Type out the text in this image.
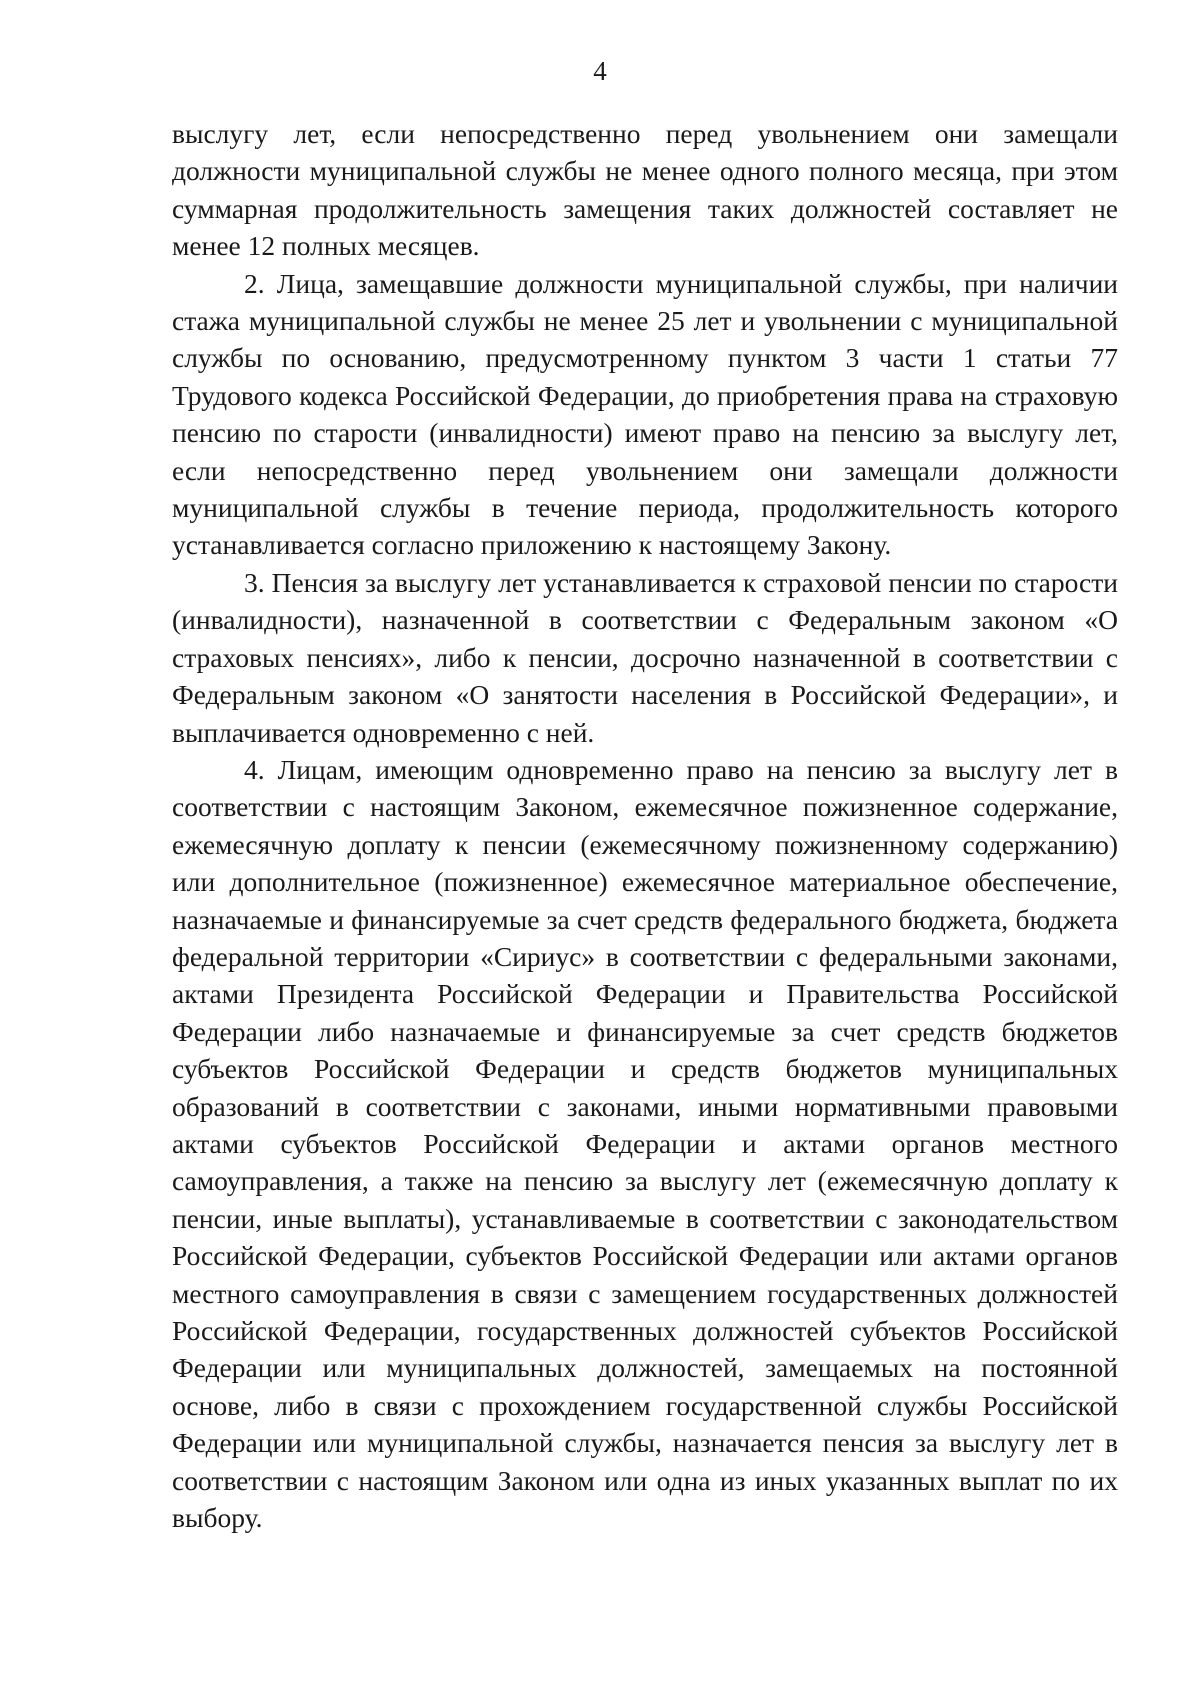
4

выслугу лет, если непосредственно перед увольнением они замещали должности муниципальной службы не менее одного полного месяца, при этом суммарная продолжительность замещения таких должностей составляет не менее 12 полных месяцев.

2. Лица, замещавшие должности муниципальной службы, при наличии стажа муниципальной службы не менее 25 лет и увольнении с муниципальной службы по основанию, предусмотренному пунктом 3 части 1 статьи 77 Трудового кодекса Российской Федерации, до приобретения права на страховую пенсию по старости (инвалидности) имеют право на пенсию за выслугу лет, если непосредственно перед увольнением они замещали должности муниципальной службы в течение периода, продолжительность которого устанавливается согласно приложению к настоящему Закону.

3. Пенсия за выслугу лет устанавливается к страховой пенсии по старости (инвалидности), назначенной в соответствии с Федеральным законом «О страховых пенсиях», либо к пенсии, досрочно назначенной в соответствии с Федеральным законом «О занятости населения в Российской Федерации», и выплачивается одновременно с ней.

4. Лицам, имеющим одновременно право на пенсию за выслугу лет в соответствии с настоящим Законом, ежемесячное пожизненное содержание, ежемесячную доплату к пенсии (ежемесячному пожизненному содержанию) или дополнительное (пожизненное) ежемесячное материальное обеспечение, назначаемые и финансируемые за счет средств федерального бюджета, бюджета федеральной территории «Сириус» в соответствии с федеральными законами, актами Президента Российской Федерации и Правительства Российской Федерации либо назначаемые и финансируемые за счет средств бюджетов субъектов Российской Федерации и средств бюджетов муниципальных образований в соответствии с законами, иными нормативными правовыми актами субъектов Российской Федерации и актами органов местного самоуправления, а также на пенсию за выслугу лет (ежемесячную доплату к пенсии, иные выплаты), устанавливаемые в соответствии с законодательством Российской Федерации, субъектов Российской Федерации или актами органов местного самоуправления в связи с замещением государственных должностей Российской Федерации, государственных должностей субъектов Российской Федерации или муниципальных должностей, замещаемых на постоянной основе, либо в связи с прохождением государственной службы Российской Федерации или муниципальной службы, назначается пенсия за выслугу лет в соответствии с настоящим Законом или одна из иных указанных выплат по их выбору.
